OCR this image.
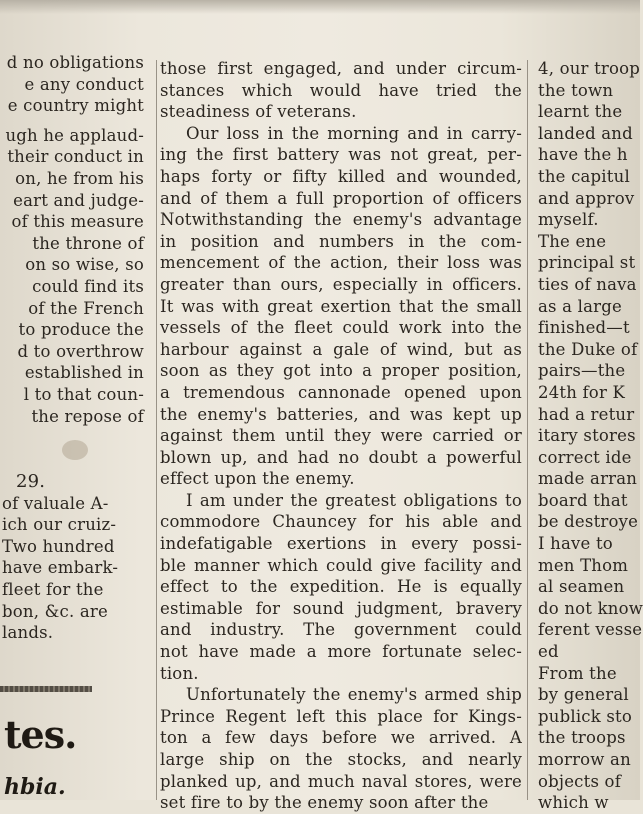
d no obligations
e any conduct
e country might
ugh he applaud-
their conduct in
on, he from his
eart and judge-
of this measure
the throne of
on so wise, so
could find its
of the French
to produce the
d to overthrow
established in
l to that coun-
the repose of
29.
of valuale A-
ich our cruiz-
Two hundred
have embark-
fleet for the
bon, &c. are
lands.
tes.
hbia.
those first engaged, and under circum-
stances which would have tried the
steadiness of veterans.
Our loss in the morning and in carry-
ing the first battery was not great, per-
haps forty or fifty killed and wounded,
and of them a full proportion of officers
Notwithstanding the enemy's advantage
in position and numbers in the com-
mencement of the action, their loss was
greater than ours, especially in officers.
It was with great exertion that the small
vessels of the fleet could work into the
harbour against a gale of wind, but as
soon as they got into a proper position,
a tremendous cannonade opened upon
the enemy's batteries, and was kept up
against them until they were carried or
blown up, and had no doubt a powerful
effect upon the enemy.
I am under the greatest obligations to
commodore Chauncey for his able and
indefatigable exertions in every possi-
ble manner which could give facility and
effect to the expedition. He is equally
estimable for sound judgment, bravery
and industry. The government could
not have made a more fortunate selec-
tion.
Unfortunately the enemy's armed ship
Prince Regent left this place for Kings-
ton a few days before we arrived. A
large ship on the stocks, and nearly
planked up, and much naval stores, were
set fire to by the enemy soon after the
4, our troop
the town
learnt the
landed and
have the h
the capitul
and approv
myself.
The ene
principal st
ties of nava
as a large
finished—t
the Duke of
pairs—the
24th for K
had a retur
itary stores
correct ide
made arran
board that
be destroye
I have to
men Thom
al seamen
do not know
ferent vesse
ed
From the
by general
publick sto
the troops
morrow an
objects of
which w
